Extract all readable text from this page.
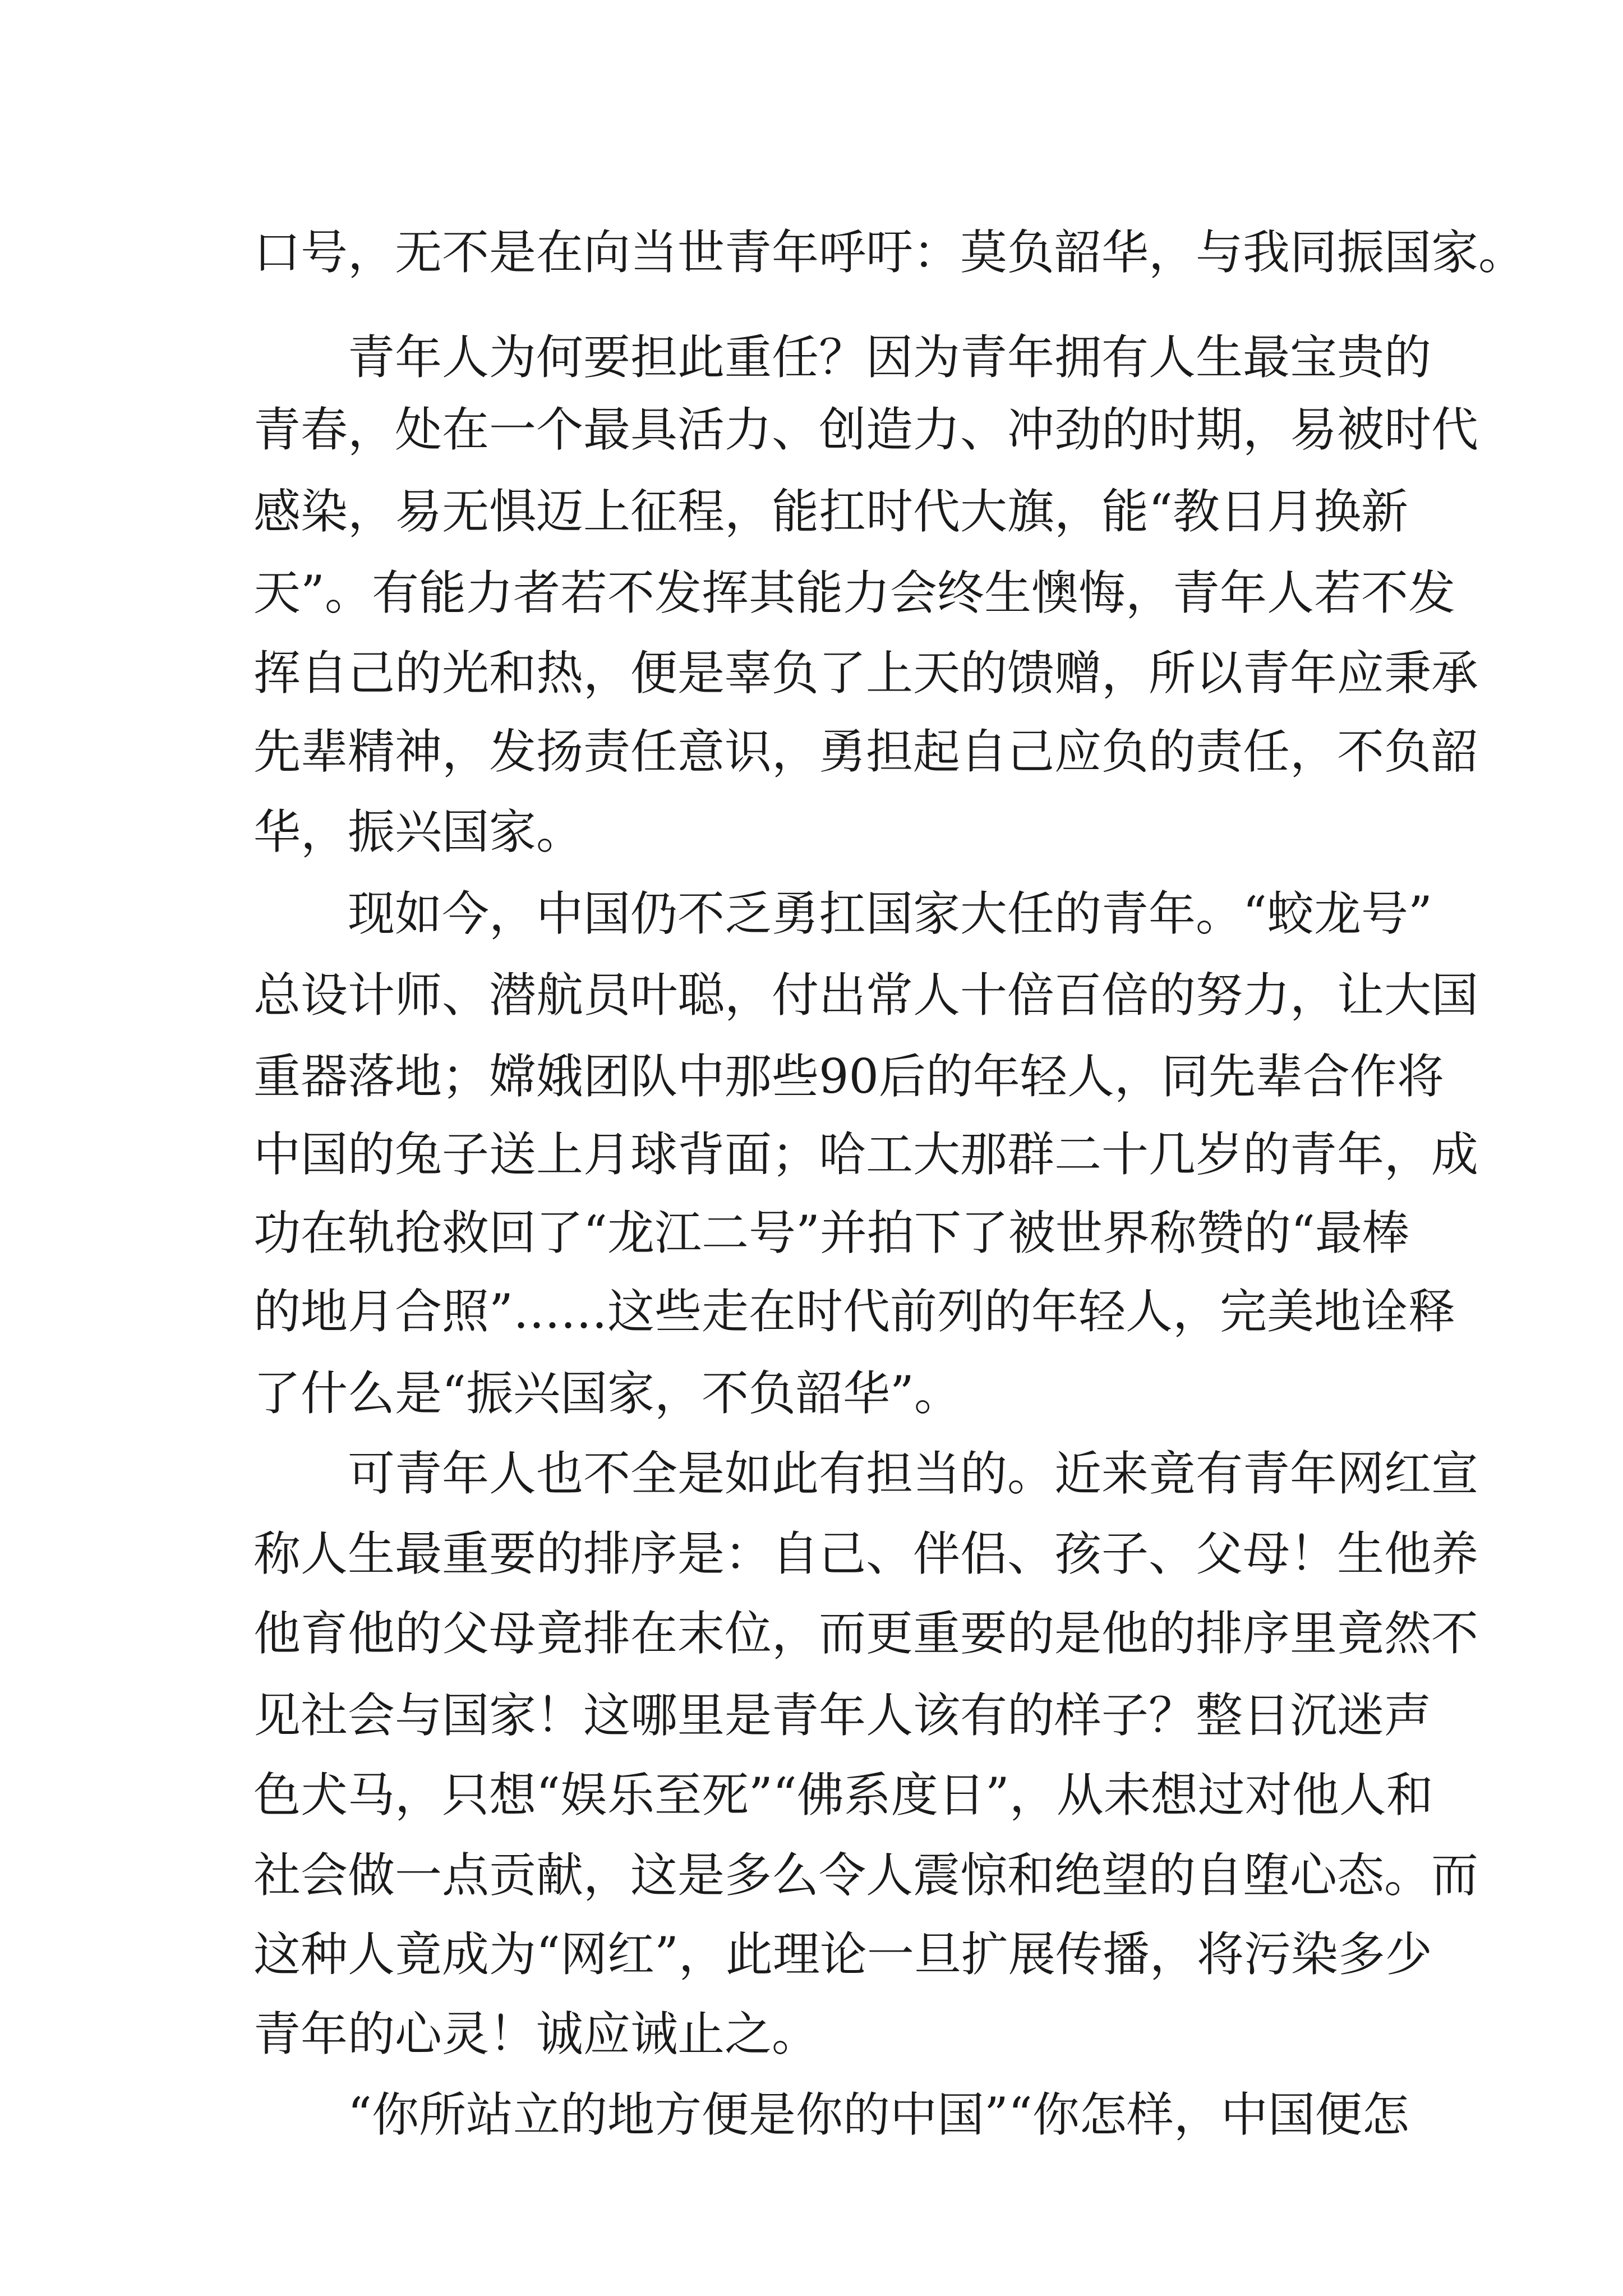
口号，无不是在向当世青年呼吁：莫负韶华，与我同振国家。
青年人为何要担此重任？因为青年拥有人生最宝贵的
青春，处在一个最具活力、创造力、冲劲的时期，易被时代
感染，易无惧迈上征程，能扛时代大旗，能“教日月换新
天”。有能力者若不发挥其能力会终生懊悔，青年人若不发
挥自己的光和热，便是辜负了上天的馈赠，所以青年应秉承
先辈精神，发扬责任意识，勇担起自己应负的责任，不负韶
华，振兴国家。
现如今，中国仍不乏勇扛国家大任的青年。“蛟龙号”
总设计师、潜航员叶聪，付出常人十倍百倍的努力，让大国
重器落地；嫦娥团队中那些90后的年轻人，同先辈合作将
中国的兔子送上月球背面；哈工大那群二十几岁的青年，成
功在轨抢救回了“龙江二号”并拍下了被世界称赞的“最棒
的地月合照”……这些走在时代前列的年轻人，完美地诠释
了什么是“振兴国家，不负韶华”。
可青年人也不全是如此有担当的。近来竟有青年网红宣
称人生最重要的排序是：自己、伴侣、孩子、父母！生他养
他育他的父母竟排在末位，而更重要的是他的排序里竟然不
见社会与国家！这哪里是青年人该有的样子？整日沉迷声
色犬马，只想“娱乐至死”“佛系度日”，从未想过对他人和
社会做一点贡献，这是多么令人震惊和绝望的自堕心态。而
这种人竟成为“网红”，此理论一旦扩展传播，将污染多少
青年的心灵！诚应诫止之。
“你所站立的地方便是你的中国”“你怎样，中国便怎
